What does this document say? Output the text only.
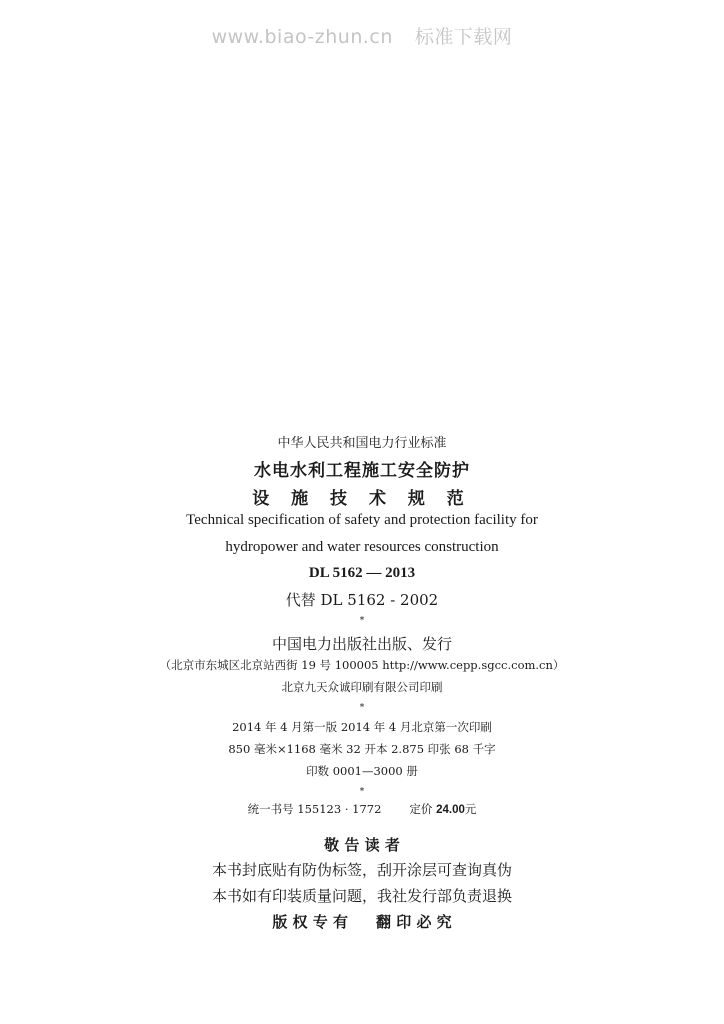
www.biao-zhun.cn 标准下载网
中华人民共和国电力行业标准
水电水利工程施工安全防护
设 施 技 术 规 范
Technical specification of safety and protection facility for
hydropower and water resources construction
DL 5162 — 2013
代替 DL 5162 - 2002
*
中国电力出版社出版、发行
（北京市东城区北京站西街 19 号 100005 http://www.cepp.sgcc.com.cn）
北京九天众诚印刷有限公司印刷
*
2014 年 4 月第一版 2014 年 4 月北京第一次印刷
850 毫米×1168 毫米 32 开本 2.875 印张 68 千字
印数 0001—3000 册
*
统一书号 155123 · 1772 定价 24.00元
敬 告 读 者
本书封底贴有防伪标签，刮开涂层可查询真伪
本书如有印装质量问题，我社发行部负责退换
版 权 专 有 翻 印 必 究
